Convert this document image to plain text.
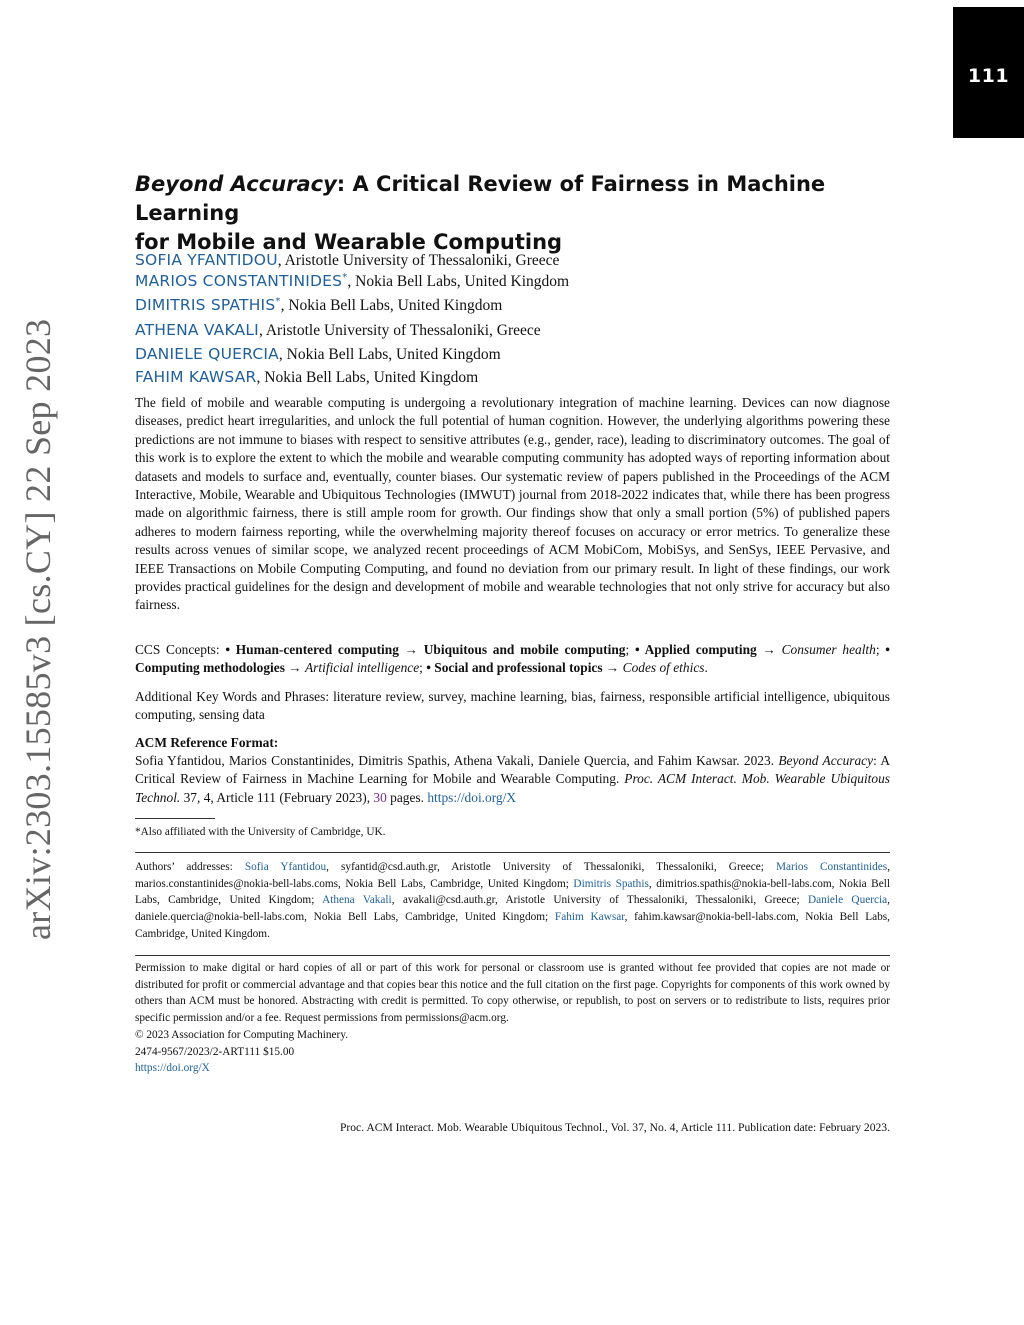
111
arXiv:2303.15585v3 [cs.CY] 22 Sep 2023
Beyond Accuracy: A Critical Review of Fairness in Machine Learning
for Mobile and Wearable Computing
SOFIA YFANTIDOU, Aristotle University of Thessaloniki, Greece
MARIOS CONSTANTINIDES*, Nokia Bell Labs, United Kingdom
DIMITRIS SPATHIS*, Nokia Bell Labs, United Kingdom
ATHENA VAKALI, Aristotle University of Thessaloniki, Greece
DANIELE QUERCIA, Nokia Bell Labs, United Kingdom
FAHIM KAWSAR, Nokia Bell Labs, United Kingdom
The field of mobile and wearable computing is undergoing a revolutionary integration of machine learning. Devices can now diagnose diseases, predict heart irregularities, and unlock the full potential of human cognition. However, the underlying algorithms powering these predictions are not immune to biases with respect to sensitive attributes (e.g., gender, race), leading to discriminatory outcomes. The goal of this work is to explore the extent to which the mobile and wearable computing community has adopted ways of reporting information about datasets and models to surface and, eventually, counter biases. Our systematic review of papers published in the Proceedings of the ACM Interactive, Mobile, Wearable and Ubiquitous Technologies (IMWUT) journal from 2018-2022 indicates that, while there has been progress made on algorithmic fairness, there is still ample room for growth. Our findings show that only a small portion (5%) of published papers adheres to modern fairness reporting, while the overwhelming majority thereof focuses on accuracy or error metrics. To generalize these results across venues of similar scope, we analyzed recent proceedings of ACM MobiCom, MobiSys, and SenSys, IEEE Pervasive, and IEEE Transactions on Mobile Computing Computing, and found no deviation from our primary result. In light of these findings, our work provides practical guidelines for the design and development of mobile and wearable technologies that not only strive for accuracy but also fairness.
CCS Concepts: • Human-centered computing → Ubiquitous and mobile computing; • Applied computing → Consumer health; • Computing methodologies → Artificial intelligence; • Social and professional topics → Codes of ethics.
Additional Key Words and Phrases: literature review, survey, machine learning, bias, fairness, responsible artificial intelligence, ubiquitous computing, sensing data
ACM Reference Format:
Sofia Yfantidou, Marios Constantinides, Dimitris Spathis, Athena Vakali, Daniele Quercia, and Fahim Kawsar. 2023. Beyond Accuracy: A Critical Review of Fairness in Machine Learning for Mobile and Wearable Computing. Proc. ACM Interact. Mob. Wearable Ubiquitous Technol. 37, 4, Article 111 (February 2023), 30 pages. https://doi.org/X
*Also affiliated with the University of Cambridge, UK.
Authors’ addresses: Sofia Yfantidou, syfantid@csd.auth.gr, Aristotle University of Thessaloniki, Thessaloniki, Greece; Marios Constantinides, marios.constantinides@nokia-bell-labs.coms, Nokia Bell Labs, Cambridge, United Kingdom; Dimitris Spathis, dimitrios.spathis@nokia-bell-labs.com, Nokia Bell Labs, Cambridge, United Kingdom; Athena Vakali, avakali@csd.auth.gr, Aristotle University of Thessaloniki, Thessaloniki, Greece; Daniele Quercia, daniele.quercia@nokia-bell-labs.com, Nokia Bell Labs, Cambridge, United Kingdom; Fahim Kawsar, fahim.kawsar@nokia-bell-labs.com, Nokia Bell Labs, Cambridge, United Kingdom.
Permission to make digital or hard copies of all or part of this work for personal or classroom use is granted without fee provided that copies are not made or distributed for profit or commercial advantage and that copies bear this notice and the full citation on the first page. Copyrights for components of this work owned by others than ACM must be honored. Abstracting with credit is permitted. To copy otherwise, or republish, to post on servers or to redistribute to lists, requires prior specific permission and/or a fee. Request permissions from permissions@acm.org.
© 2023 Association for Computing Machinery.
2474-9567/2023/2-ART111 $15.00
https://doi.org/X
Proc. ACM Interact. Mob. Wearable Ubiquitous Technol., Vol. 37, No. 4, Article 111. Publication date: February 2023.
